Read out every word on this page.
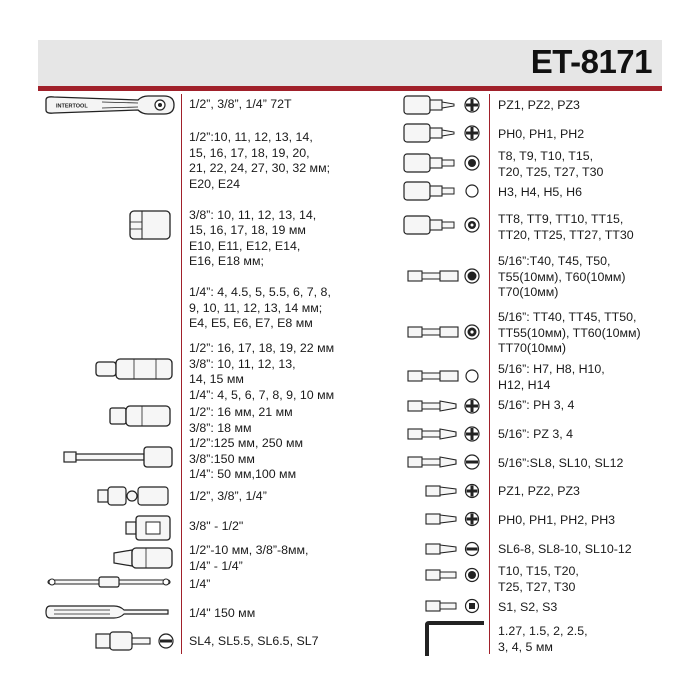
ET-8171
INTERTOOL	1/2”, 3/8”, 1/4” 72T
1/2”:10, 11, 12, 13, 14,
15, 16, 17, 18, 19, 20,
21, 22, 24, 27, 30, 32 мм;
E20, E24

3/8”: 10, 11, 12, 13, 14,
15, 16, 17, 18, 19 мм
E10, E11, E12, E14,
E16, E18 мм;

1/4”: 4, 4.5, 5, 5.5, 6, 7, 8,
9, 10, 11, 12, 13, 14 мм;
E4, E5, E6, E7, E8 мм
1/2”: 16, 17, 18, 19, 22 мм
3/8”: 10, 11, 12, 13,
14, 15 мм
1/4”: 4, 5, 6, 7, 8, 9, 10 мм
1/2”: 16 мм, 21 мм
3/8”: 18 мм
1/2”:125 мм, 250 мм
3/8”:150 мм
1/4”: 50 мм,100 мм
1/2”, 3/8”, 1/4”
3/8" - 1/2"
1/2”-10 мм, 3/8”-8мм,
1/4” - 1/4”
1/4”
1/4" 150 мм
SL4, SL5.5, SL6.5, SL7
PZ1, PZ2, PZ3
PH0, PH1, PH2
T8, T9, T10, T15,
T20, T25, T27, T30
H3, H4, H5, H6
TT8, TT9, TT10, TT15,
TT20, TT25, TT27, TT30
5/16”:T40, T45, T50,
T55(10мм), T60(10мм)
T70(10мм)
5/16”: TT40, TT45, TT50,
TT55(10мм), TT60(10мм)
TT70(10мм)
5/16”: H7, H8, H10,
H12, H14
5/16”: PH 3, 4
5/16”: PZ 3, 4
5/16”:SL8, SL10, SL12
PZ1, PZ2, PZ3
PH0, PH1, PH2, PH3
SL6-8, SL8-10, SL10-12
T10, T15, T20,
T25, T27, T30
S1, S2, S3
1.27, 1.5, 2, 2.5,
3, 4, 5 мм
